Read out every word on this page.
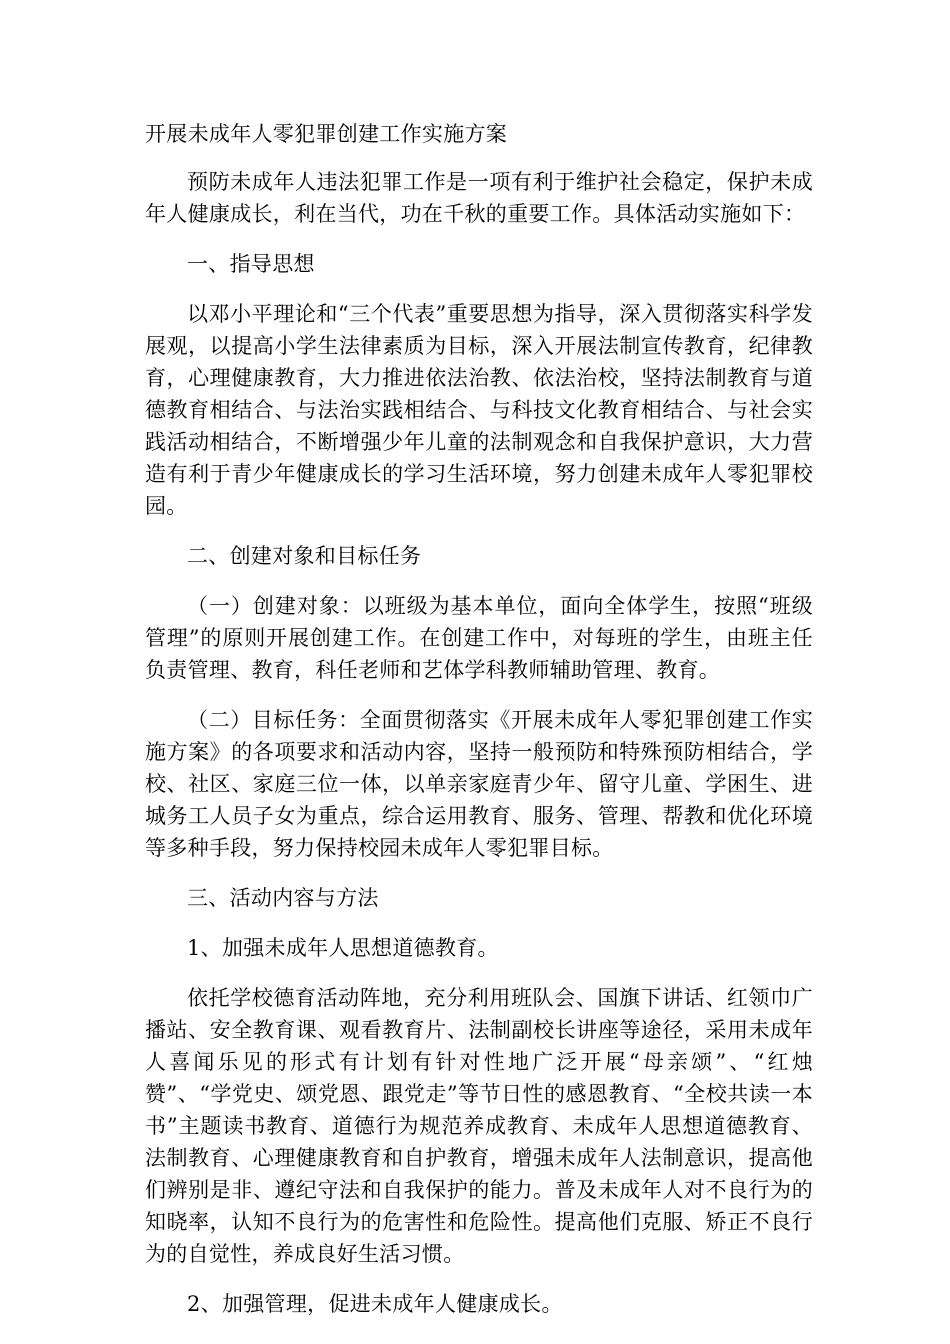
开展未成年人零犯罪创建工作实施方案

预防未成年人违法犯罪工作是一项有利于维护社会稳定，保护未成年人健康成长，利在当代，功在千秋的重要工作。具体活动实施如下：

一、指导思想

以邓小平理论和“三个代表”重要思想为指导，深入贯彻落实科学发展观，以提高小学生法律素质为目标，深入开展法制宣传教育，纪律教育，心理健康教育，大力推进依法治教、依法治校，坚持法制教育与道德教育相结合、与法治实践相结合、与科技文化教育相结合、与社会实践活动相结合，不断增强少年儿童的法制观念和自我保护意识，大力营造有利于青少年健康成长的学习生活环境，努力创建未成年人零犯罪校园。

二、创建对象和目标任务

（一）创建对象：以班级为基本单位，面向全体学生，按照“班级管理”的原则开展创建工作。在创建工作中，对每班的学生，由班主任负责管理、教育，科任老师和艺体学科教师辅助管理、教育。

（二）目标任务：全面贯彻落实《开展未成年人零犯罪创建工作实施方案》的各项要求和活动内容，坚持一般预防和特殊预防相结合，学校、社区、家庭三位一体，以单亲家庭青少年、留守儿童、学困生、进城务工人员子女为重点，综合运用教育、服务、管理、帮教和优化环境等多种手段，努力保持校园未成年人零犯罪目标。

三、活动内容与方法

1、加强未成年人思想道德教育。

依托学校德育活动阵地，充分利用班队会、国旗下讲话、红领巾广播站、安全教育课、观看教育片、法制副校长讲座等途径，采用未成年人喜闻乐见的形式有计划有针对性地广泛开展“母亲颂”、“红烛赞”、“学党史、颂党恩、跟党走”等节日性的感恩教育、“全校共读一本书”主题读书教育、道德行为规范养成教育、未成年人思想道德教育、法制教育、心理健康教育和自护教育，增强未成年人法制意识，提高他们辨别是非、遵纪守法和自我保护的能力。普及未成年人对不良行为的知晓率，认知不良行为的危害性和危险性。提高他们克服、矫正不良行为的自觉性，养成良好生活习惯。

2、加强管理，促进未成年人健康成长。
